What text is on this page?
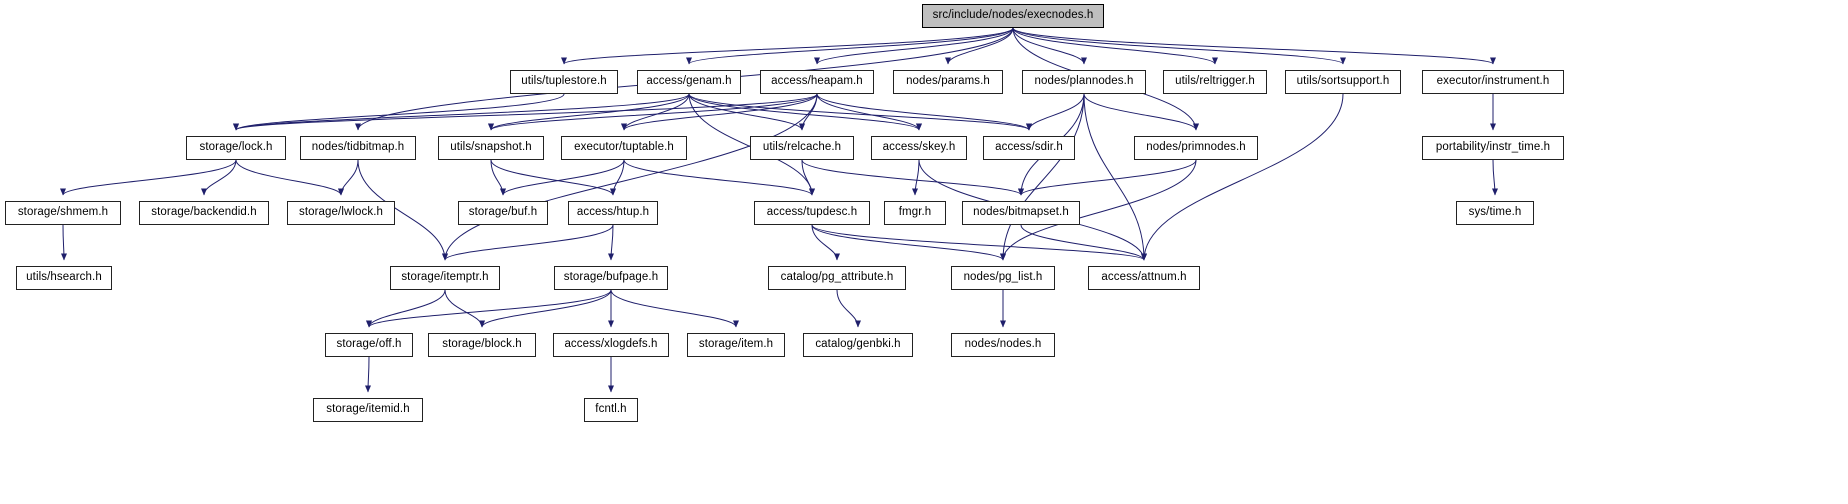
src/include/nodes/execnodes.h
utils/tuplestore.h	access/genam.h	access/heapam.h	nodes/params.h	nodes/plannodes.h	utils/reltrigger.h	utils/sortsupport.h	executor/instrument.h
storage/lock.h	nodes/tidbitmap.h	utils/snapshot.h	executor/tuptable.h	utils/relcache.h	access/skey.h	access/sdir.h	nodes/primnodes.h	portability/instr_time.h
storage/shmem.h	storage/backendid.h	storage/lwlock.h	storage/buf.h	access/htup.h	access/tupdesc.h	fmgr.h	nodes/bitmapset.h	sys/time.h
utils/hsearch.h	storage/itemptr.h	storage/bufpage.h	catalog/pg_attribute.h	nodes/pg_list.h	access/attnum.h
storage/off.h	storage/block.h	access/xlogdefs.h	storage/item.h	catalog/genbki.h	nodes/nodes.h
storage/itemid.h	fcntl.h
